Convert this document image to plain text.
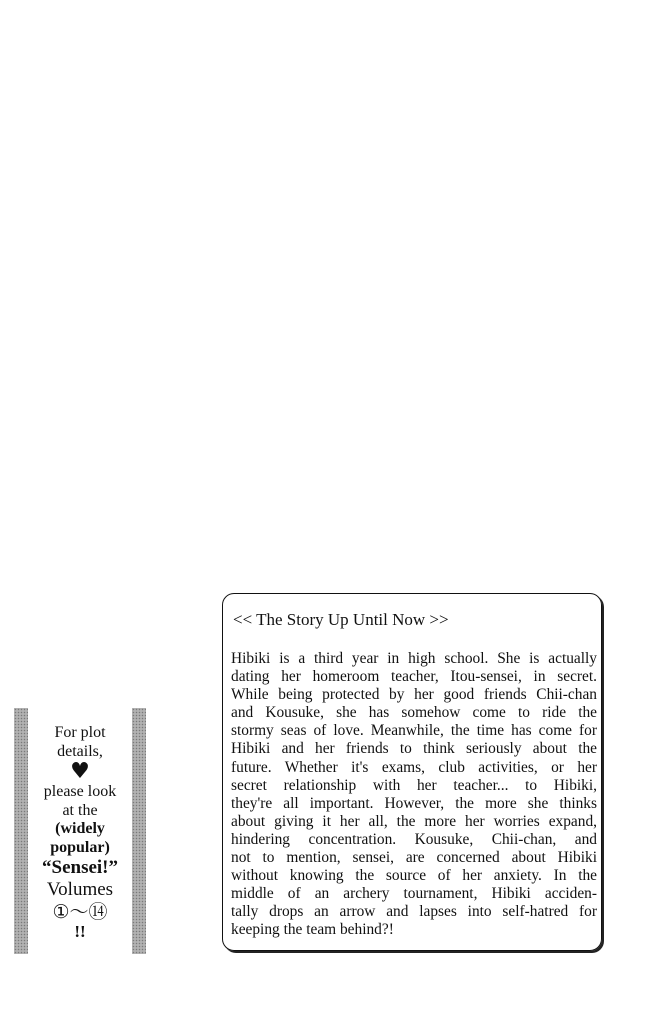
For plot
details,
♥
please look
at the
(widely
popular)
“Sensei!”
Volumes
①～⑭
!!
<< The Story Up Until Now >>
Hibiki is a third year in high school. She is actually
dating her homeroom teacher, Itou-sensei, in secret.
While being protected by her good friends Chii-chan
and Kousuke, she has somehow come to ride the
stormy seas of love. Meanwhile, the time has come for
Hibiki and her friends to think seriously about the
future. Whether it's exams, club activities, or her
secret relationship with her teacher... to Hibiki,
they're all important. However, the more she thinks
about giving it her all, the more her worries expand,
hindering concentration. Kousuke, Chii-chan, and
not to mention, sensei, are concerned about Hibiki
without knowing the source of her anxiety. In the
middle of an archery tournament, Hibiki acciden-
tally drops an arrow and lapses into self-hatred for
keeping the team behind?!
